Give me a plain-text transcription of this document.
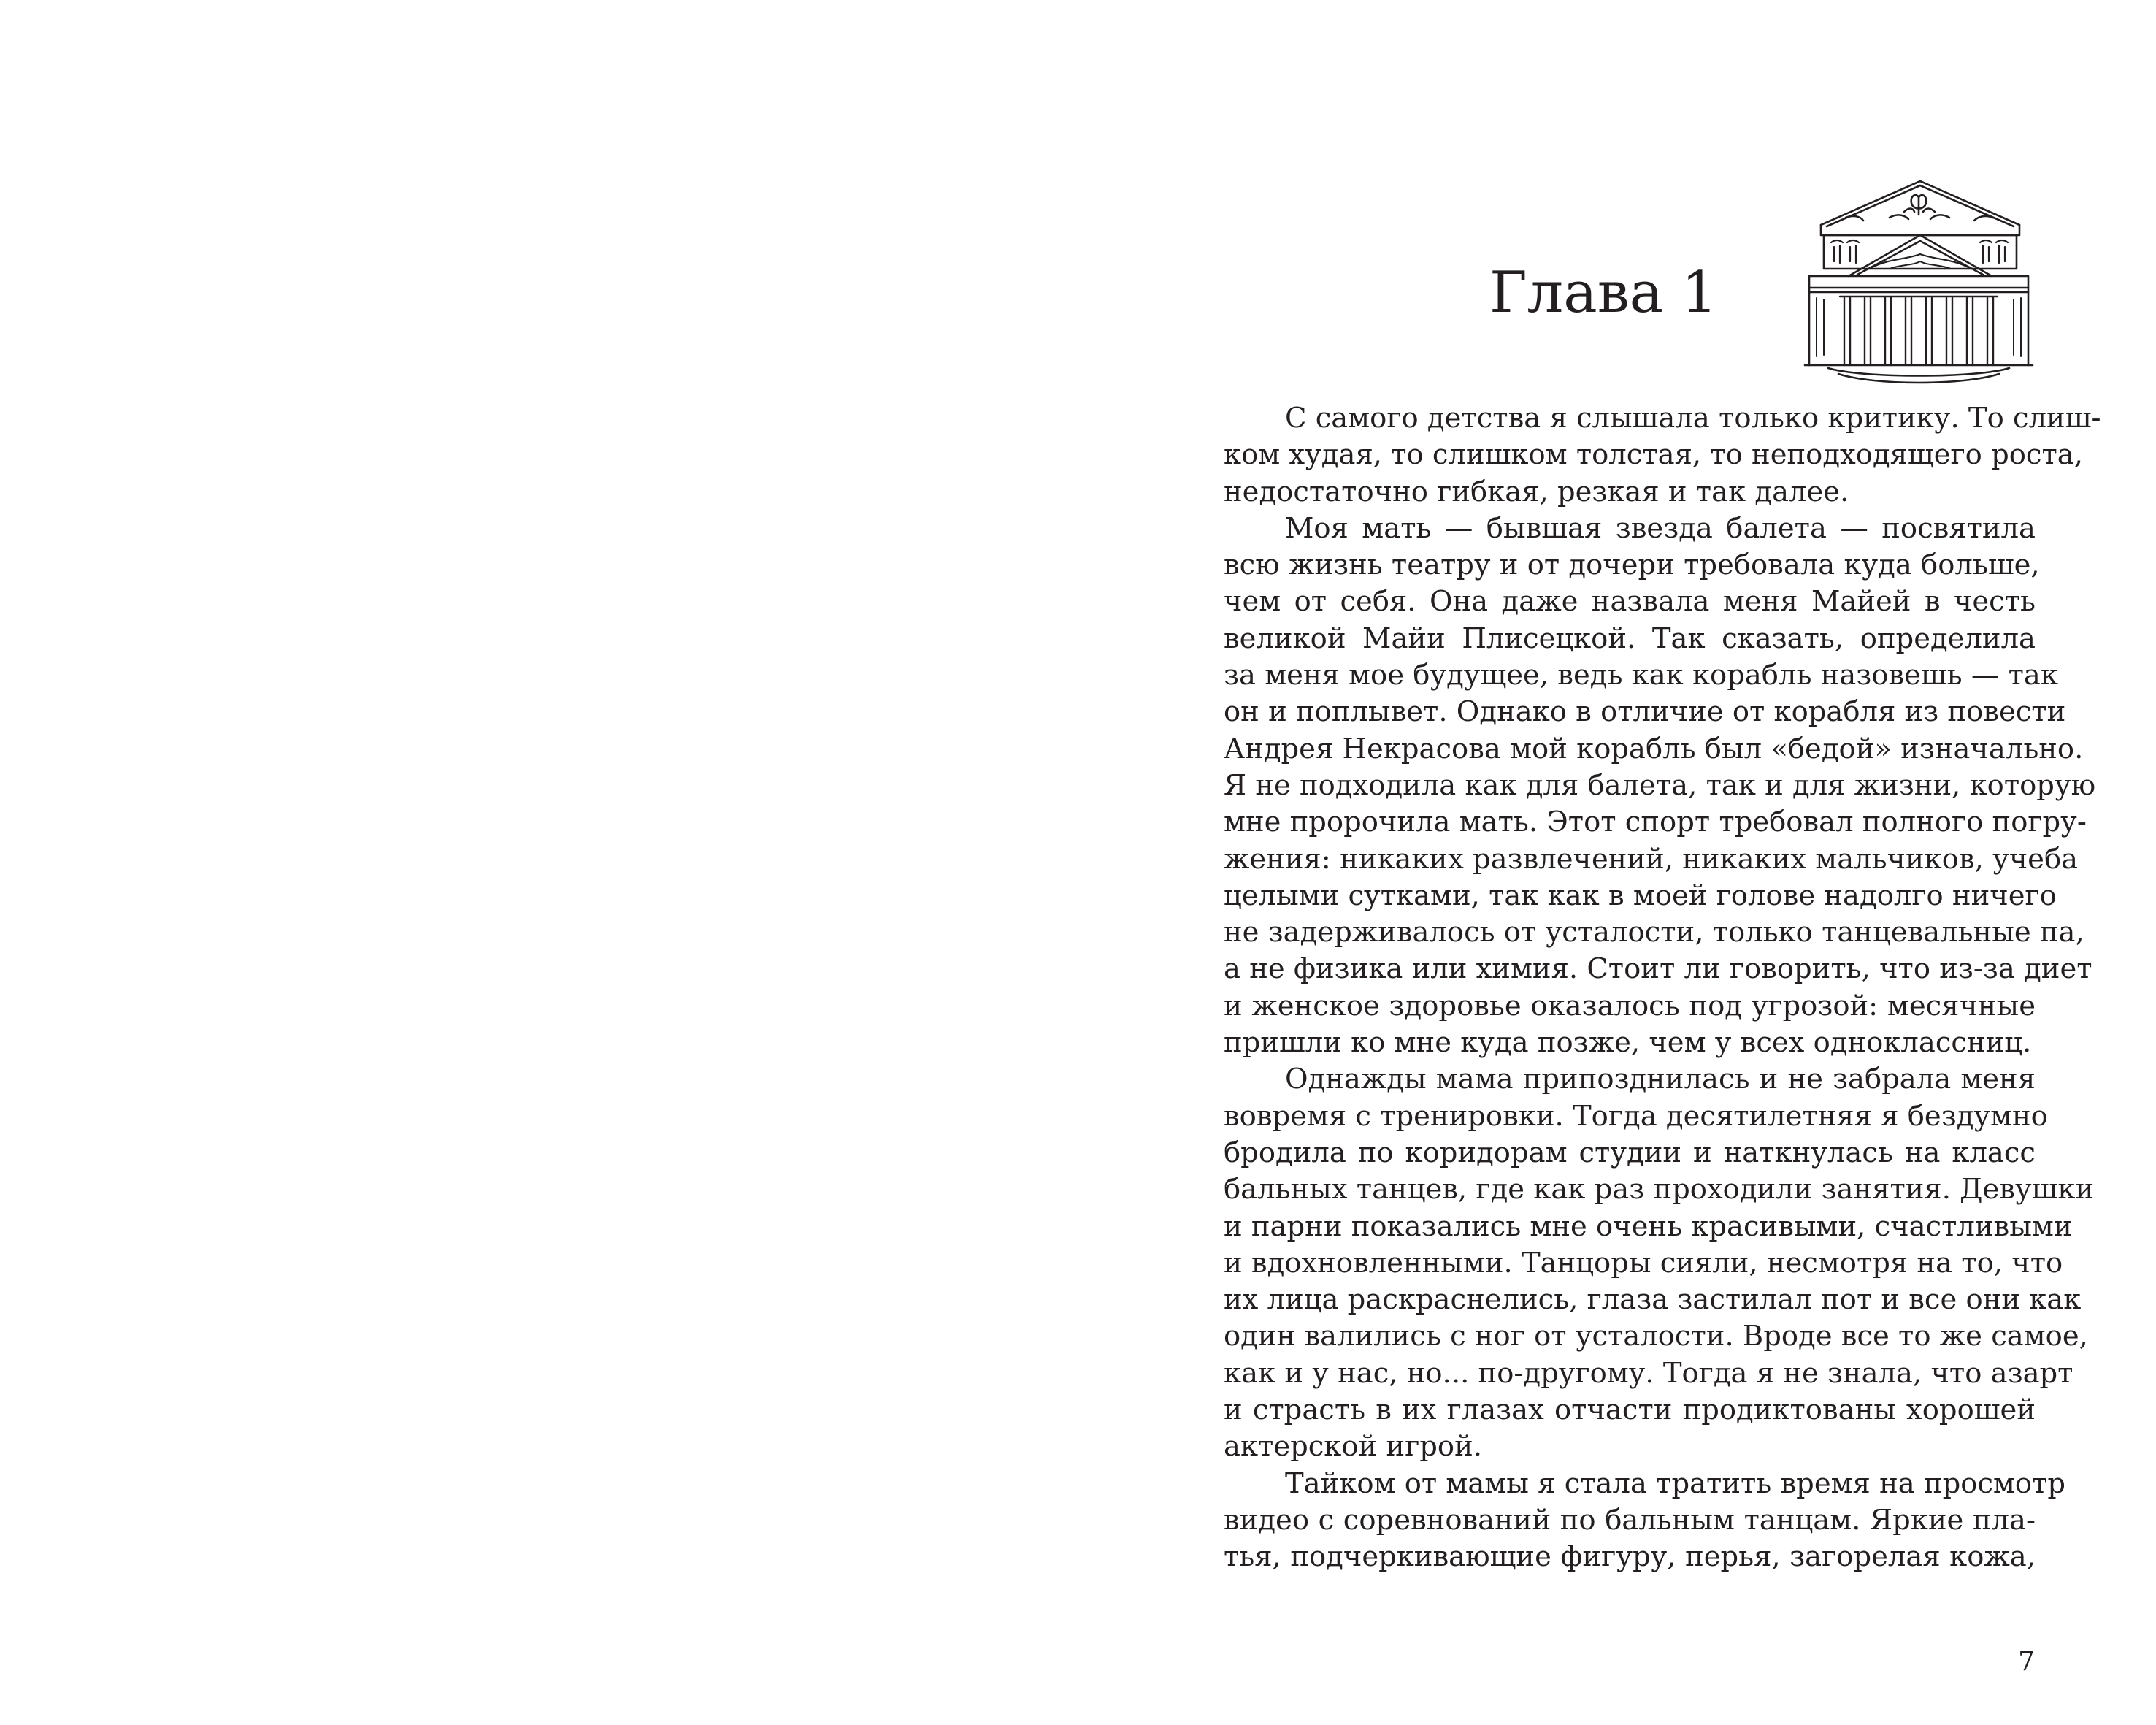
Глава 1
С самого детства я слышала только критику. То слиш-
ком худая, то слишком толстая, то неподходящего роста,
недостаточно гибкая, резкая и так далее.
Моя мать — бывшая звезда балета — посвятила
всю жизнь театру и от дочери требовала куда больше,
чем от себя. Она даже назвала меня Майей в честь
великой Майи Плисецкой. Так сказать, определила
за меня мое будущее, ведь как корабль назовешь — так
он и поплывет. Однако в отличие от корабля из повести
Андрея Некрасова мой корабль был «бедой» изначально.
Я не подходила как для балета, так и для жизни, которую
мне пророчила мать. Этот спорт требовал полного погру-
жения: никаких развлечений, никаких мальчиков, учеба
целыми сутками, так как в моей голове надолго ничего
не задерживалось от усталости, только танцевальные па,
а не физика или химия. Стоит ли говорить, что из-за диет
и женское здоровье оказалось под угрозой: месячные
пришли ко мне куда позже, чем у всех одноклассниц.
Однажды мама припозднилась и не забрала меня
вовремя с тренировки. Тогда десятилетняя я бездумно
бродила по коридорам студии и наткнулась на класс
бальных танцев, где как раз проходили занятия. Девушки
и парни показались мне очень красивыми, счастливыми
и вдохновленными. Танцоры сияли, несмотря на то, что
их лица раскраснелись, глаза застилал пот и все они как
один валились с ног от усталости. Вроде все то же самое,
как и у нас, но... по-другому. Тогда я не знала, что азарт
и страсть в их глазах отчасти продиктованы хорошей
актерской игрой.
Тайком от мамы я стала тратить время на просмотр
видео с соревнований по бальным танцам. Яркие пла-
тья, подчеркивающие фигуру, перья, загорелая кожа,
7
